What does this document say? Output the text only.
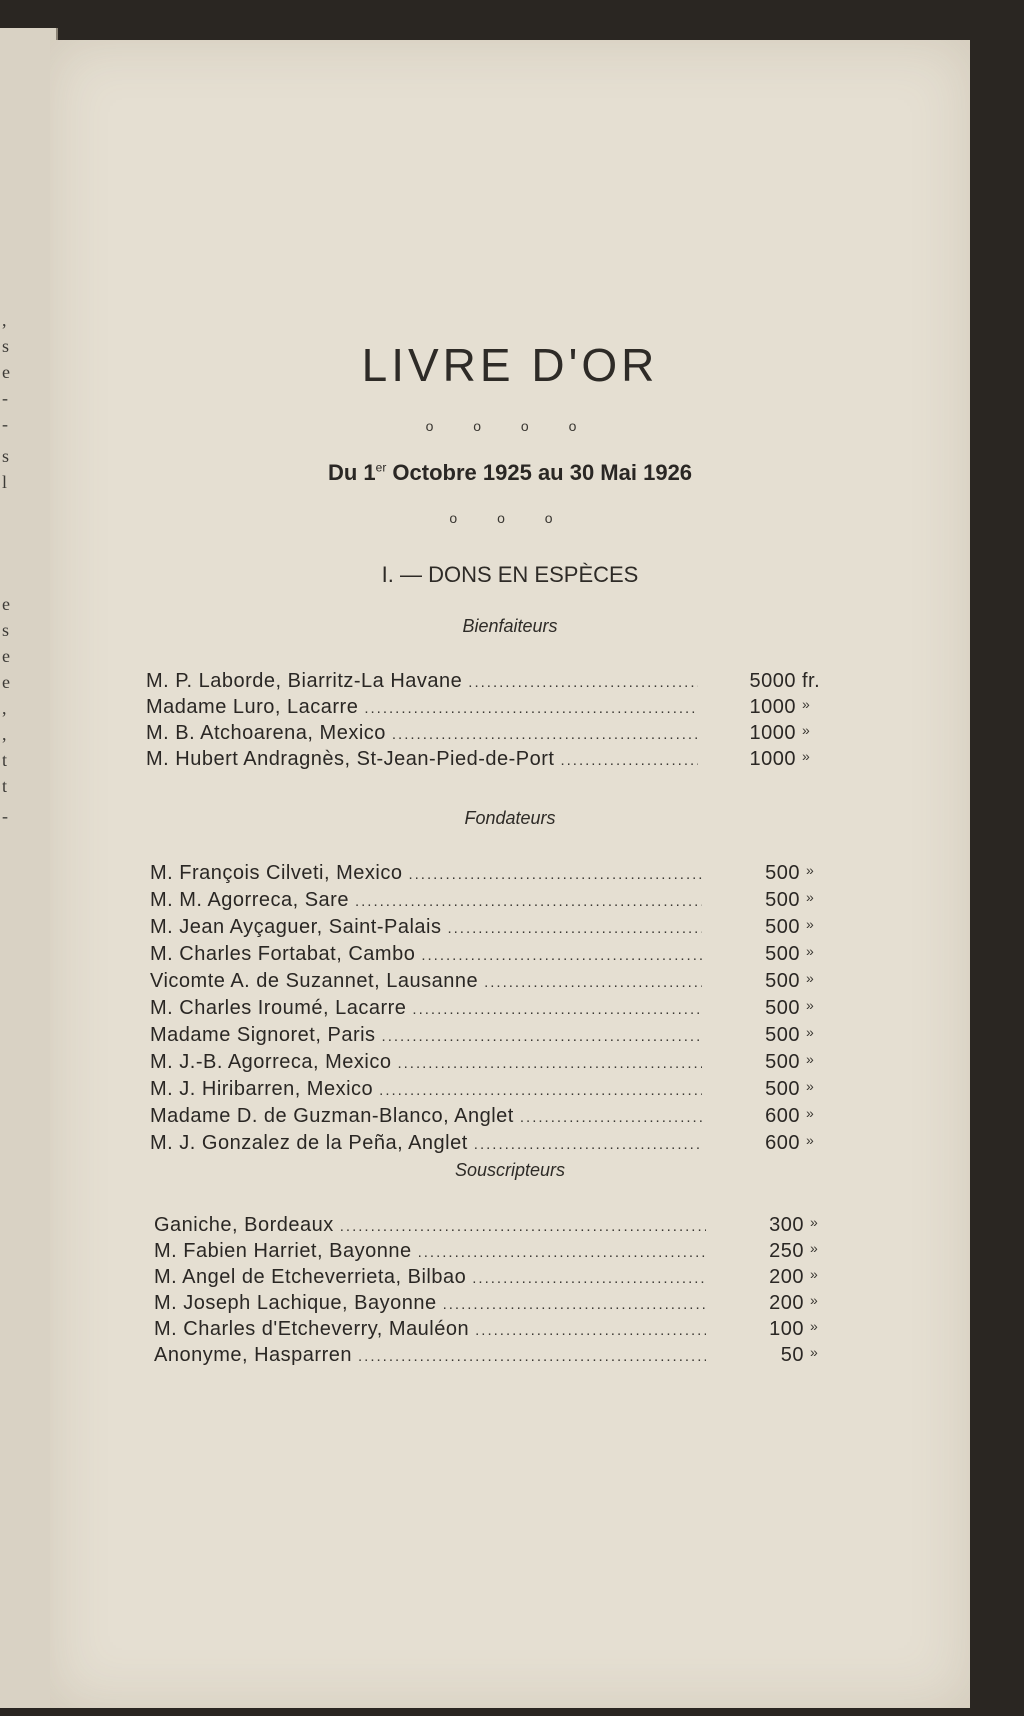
,
s
e
-
-
s
l
e
s
e
e
,
,
t
t
-
LIVRE D'OR
o o o o
Du 1er Octobre 1925 au 30 Mai 1926
o o o
I. — DONS EN ESPÈCES
Bienfaiteurs
M. P. Laborde, Biarritz-La Havane .....	5000 fr.
Madame Luro, Lacarre .....	1000 »
M. B. Atchoarena, Mexico .....	1000 »
M. Hubert Andragnès, St-Jean-Pied-de-Port .....	1000 »
Fondateurs
M. François Cilveti, Mexico .....	500 »
M. M. Agorreca, Sare .....	500 »
M. Jean Ayçaguer, Saint-Palais .....	500 »
M. Charles Fortabat, Cambo .....	500 »
Vicomte A. de Suzannet, Lausanne .....	500 »
M. Charles Iroumé, Lacarre .....	500 »
Madame Signoret, Paris .....	500 »
M. J.-B. Agorreca, Mexico .....	500 »
M. J. Hiribarren, Mexico .....	500 »
Madame D. de Guzman-Blanco, Anglet .....	600 »
M. J. Gonzalez de la Peña, Anglet .....	600 »
Souscripteurs
Ganiche, Bordeaux .....	300 »
M. Fabien Harriet, Bayonne .....	250 »
M. Angel de Etcheverrieta, Bilbao .....	200 »
M. Joseph Lachique, Bayonne .....	200 »
M. Charles d'Etcheverry, Mauléon .....	100 »
Anonyme, Hasparren .....	50 »
